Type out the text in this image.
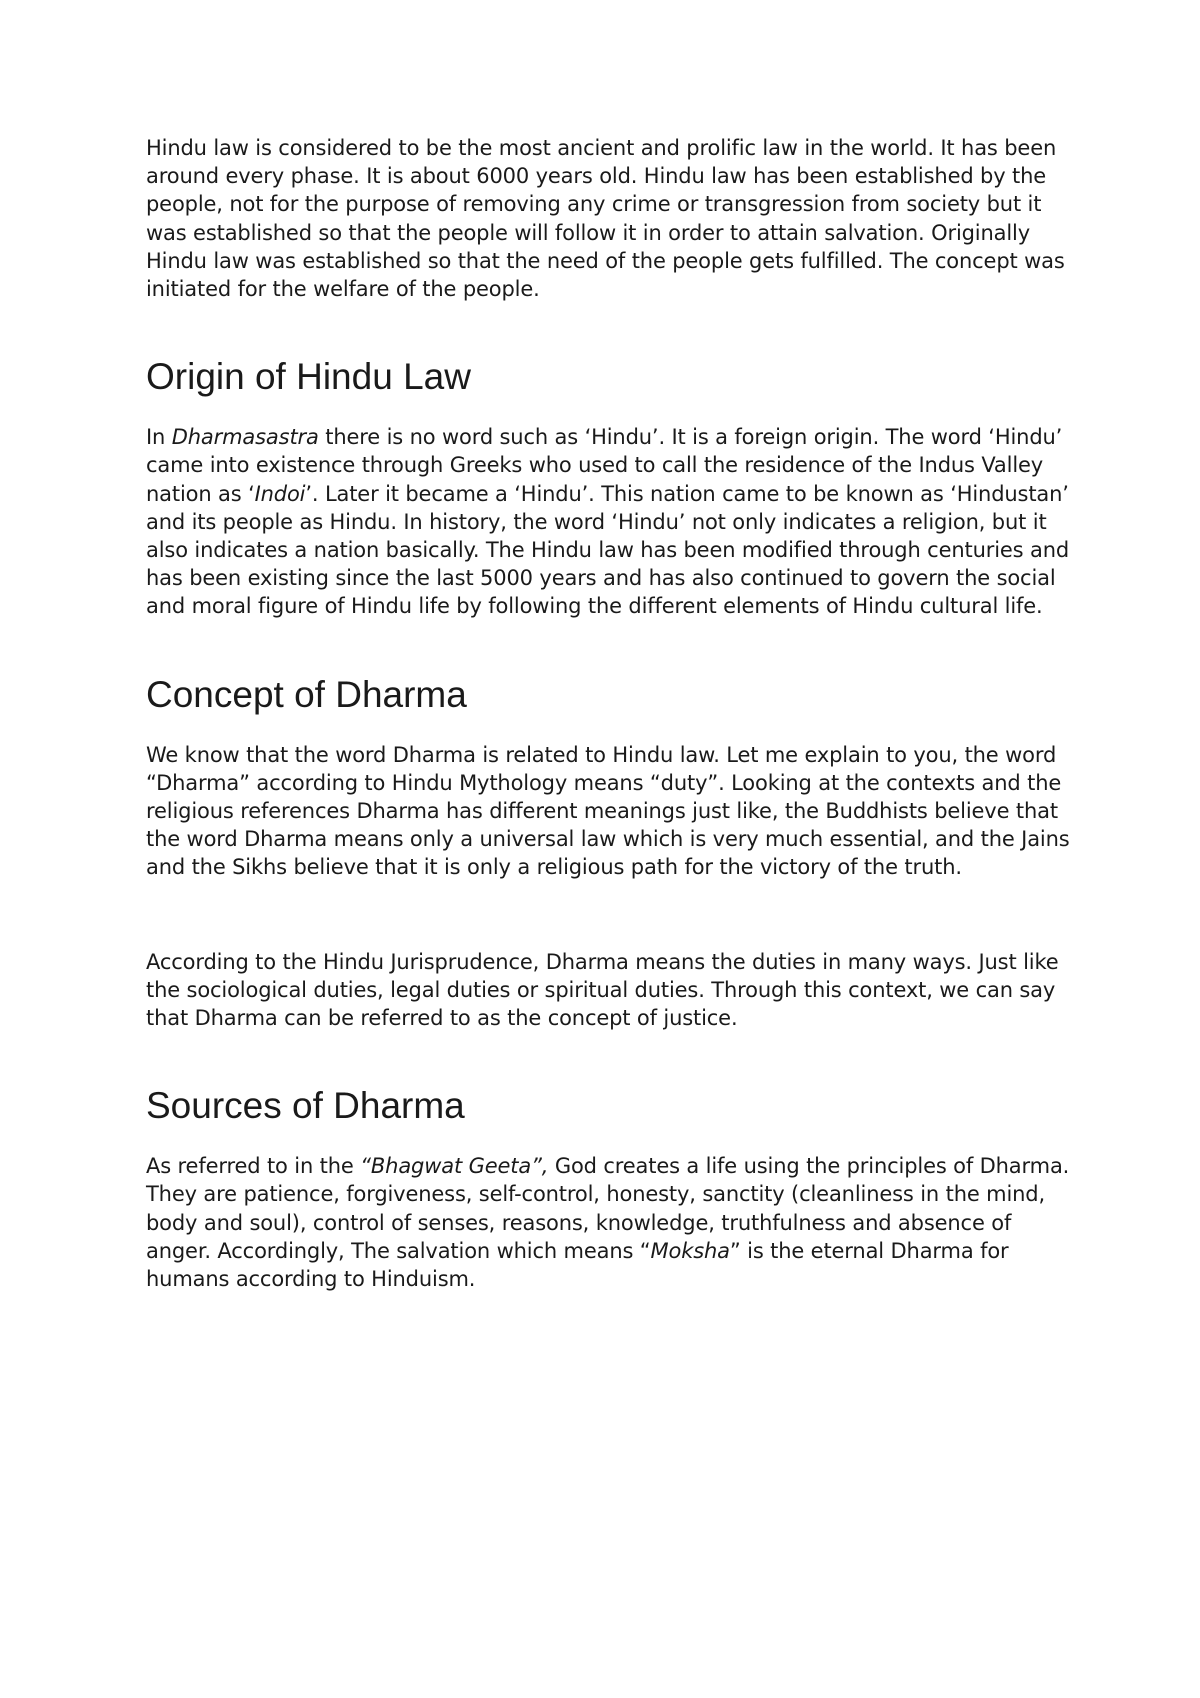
Hindu law is considered to be the most ancient and prolific law in the world. It has been around every phase. It is about 6000 years old. Hindu law has been established by the people, not for the purpose of removing any crime or transgression from society but it was established so that the people will follow it in order to attain salvation. Originally Hindu law was established so that the need of the people gets fulfilled. The concept was initiated for the welfare of the people.

Origin of Hindu Law

In Dharmasastra there is no word such as ‘Hindu’. It is a foreign origin. The word ‘Hindu’ came into existence through Greeks who used to call the residence of the Indus Valley nation as ‘Indoi’. Later it became a ‘Hindu’. This nation came to be known as ‘Hindustan’ and its people as Hindu. In history, the word ‘Hindu’ not only indicates a religion, but it also indicates a nation basically. The Hindu law has been modified through centuries and has been existing since the last 5000 years and has also continued to govern the social and moral figure of Hindu life by following the different elements of Hindu cultural life.

Concept of Dharma

We know that the word Dharma is related to Hindu law. Let me explain to you, the word “Dharma” according to Hindu Mythology means “duty”. Looking at the contexts and the religious references Dharma has different meanings just like, the Buddhists believe that the word Dharma means only a universal law which is very much essential, and the Jains and the Sikhs believe that it is only a religious path for the victory of the truth.

According to the Hindu Jurisprudence, Dharma means the duties in many ways. Just like the sociological duties, legal duties or spiritual duties. Through this context, we can say that Dharma can be referred to as the concept of justice.

Sources of Dharma

As referred to in the “Bhagwat Geeta”, God creates a life using the principles of Dharma. They are patience, forgiveness, self-control, honesty, sanctity (cleanliness in the mind, body and soul), control of senses, reasons, knowledge, truthfulness and absence of anger. Accordingly, The salvation which means “Moksha” is the eternal Dharma for humans according to Hinduism.
